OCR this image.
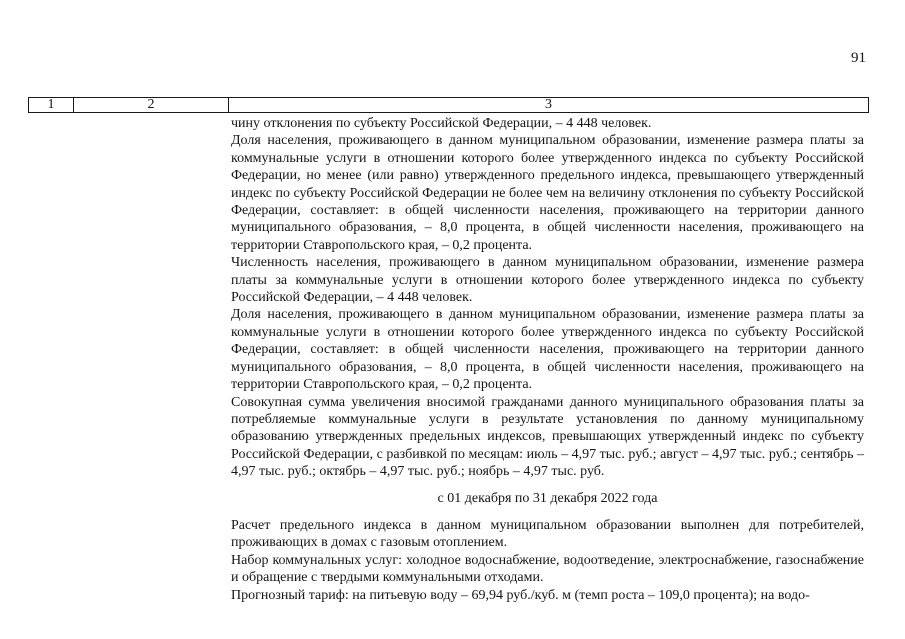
91
1	2	3

чину отклонения по субъекту Российской Федерации, – 4 448 человек.

Доля населения, проживающего в данном муниципальном образовании, изменение размера платы за коммунальные услуги в отношении которого более утвержденного индекса по субъекту Российской Федерации, но менее (или равно) утвержденного предельного индекса, превышающего утвержденный индекс по субъекту Российской Федерации не более чем на величину отклонения по субъекту Российской Федерации, составляет: в общей численности населения, проживающего на территории данного муниципального образования, – 8,0 процента, в общей численности населения, проживающего на территории Ставропольского края, – 0,2 процента.

Численность населения, проживающего в данном муниципальном образовании, изменение размера платы за коммунальные услуги в отношении которого более утвержденного индекса по субъекту Российской Федерации, – 4 448 человек.

Доля населения, проживающего в данном муниципальном образовании, изменение размера платы за коммунальные услуги в отношении которого более утвержденного индекса по субъекту Российской Федерации, составляет: в общей численности населения, проживающего на территории данного муниципального образования, – 8,0 процента, в общей численности населения, проживающего на территории Ставропольского края, – 0,2 процента.

Совокупная сумма увеличения вносимой гражданами данного муниципального образования платы за потребляемые коммунальные услуги в результате установления по данному муниципальному образованию утвержденных предельных индексов, превышающих утвержденный индекс по субъекту Российской Федерации, с разбивкой по месяцам: июль – 4,97 тыс. руб.; август – 4,97 тыс. руб.; сентябрь – 4,97 тыс. руб.; октябрь – 4,97 тыс. руб.; ноябрь – 4,97 тыс. руб.

с 01 декабря по 31 декабря 2022 года

Расчет предельного индекса в данном муниципальном образовании выполнен для потребителей, проживающих в домах с газовым отоплением.

Набор коммунальных услуг: холодное водоснабжение, водоотведение, электроснабжение, газоснабжение и обращение с твердыми коммунальными отходами.

Прогнозный тариф: на питьевую воду – 69,94 руб./куб. м (темп роста – 109,0 процента); на водо-
